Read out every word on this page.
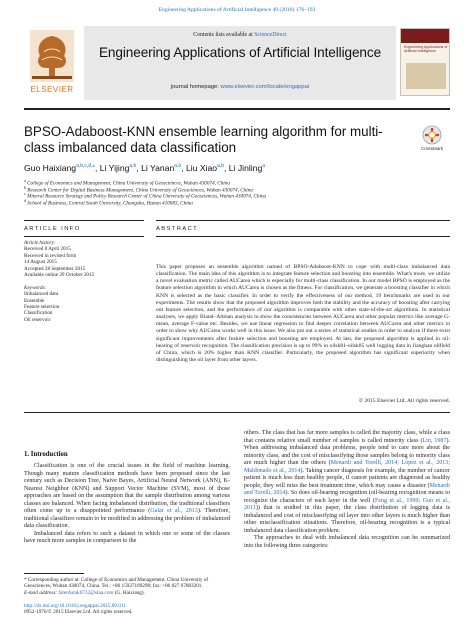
Engineering Applications of Artificial Intelligence 49 (2016) 176–193
ELSEVIER
Contents lists available at ScienceDirect
Engineering Applications of Artificial Intelligence
journal homepage: www.elsevier.com/locate/engappai
Engineering Applications of Artificial Intelligence
BPSO-Adaboost-KNN ensemble learning algorithm for multi-class imbalanced data classification	CrossMark
Guo Haixiang$^{a,b,c,d,⁎}$, Li Yijing$^{a,b}$, Li Yanan$^{a,b}$, Liu Xiao$^{a,b}$, Li Jinling$^a$
$^a$ College of Economics and Management, China University of Geosciences, Wuhan 430074, China
$^b$ Research Center for Digital Business Management, China University of Geosciences, Wuhan 430074, China
$^c$ Mineral Resource Strategy and Policy Research Center of China University of Geosciences, Wuhan 430074, China
$^d$ School of Business, Central South University, Changsha, Hunan 410083, China
ARTICLE INFO	ABSTRACT
Article history:
Received 8 April 2015
Received in revised form
14 August 2015
Accepted 28 September 2015
Available online 29 October 2015
Keywords:
Imbalanced data
Ensemble
Feature selection
Classification
Oil reservoir
This paper proposes an ensemble algorithm named of BPSO-Adaboost-KNN to cope with multi-class imbalanced data classification. The main idea of this algorithm is to integrate feature selection and boosting into ensemble. What's more, we utilize a novel evaluation metric called AUCarea which is especially for multi-class classification. In our model BPSO is employed as the feature selection algorithm in which AUCarea is chosen as the fitness. For classification, we generate a boosting classifier in which KNN is selected as the basic classifier. In order to verify the effectiveness of our method, 19 benchmarks are used in our experiments. The results show that the proposed algorithm improves both the stability and the accuracy of boosting after carrying out feature selection, and the performance of our algorithm is comparable with other state-of-the-art algorithms. In statistical analyses, we apply Bland–Altman analysis to show the consistencies between AUCarea and other popular metrics like average G-mean, average F-value etc. Besides, we use linear regression to find deeper correlation between AUCarea and other metrics in order to show why AUCarea works well in this issue. We also put out a series of statistical studies in order to analyze if there exist significant improvements after feature selection and boosting are employed. At last, the proposed algorithm is applied in oil-bearing of reservoir recognition. The classification precision is up to 99% in oilsk81-oilsk85 well logging data in Jianghan oilfield of China, which is 20% higher than KNN classifier. Particularly, the proposed algorithm has significant superiority when distinguishing the oil layer from other layers.
© 2015 Elsevier Ltd. All rights reserved.
1. Introduction

Classification is one of the crucial issues in the field of machine learning. Though many mature classification methods have been proposed since the last century such as Decision Tree, Naive Bayes, Artificial Neural Network (ANN), K-Nearest Neighbor (KNN) and Support Vector Machine (SVM), most of those approaches are based on the assumption that the sample distribution among various classes are balanced. When facing imbalanced distribution, the traditional classifiers often come up to a disappointed performance (Galar et al., 2013). Therefore, traditional classifiers remain to be modified in addressing the problem of imbalanced data classification.

Imbalanced data refers to such a dataset in which one or some of the classes have much more samples in comparison to the

others. The class that has far more samples is called the majority class, while a class that contains relative small number of samples is called minority class (Lin, 1987). When addressing imbalanced data problems, people tend to care more about the minority class, and the cost of misclassifying those samples belong to minority class are much higher than the others (Menardi and Torelli, 2014; López et al., 2013; Maldonado et al., 2014). Taking cancer diagnosis for example, the number of cancer patient is much less than healthy people, if cancer patients are diagnosed as healthy people, they will miss the best treatment time, which may cause a disaster (Menardi and Torelli, 2014). So does oil-bearing recognition (oil-bearing recognition means to recognize the characters of each layer in the well (Feng et al., 1999; Guo et al., 2011)) that is studied in this paper, the class distribution of logging data is imbalanced and cost of misclassifying oil layer into other layers is much higher than other misclassification situations. Therefore, oil-bearing recognition is a typical imbalanced data classification problem.

The approaches to deal with imbalanced data recognition can be summarized into the following three categories:

* Corresponding author at: College of Economics and Management, China University of Geosciences, Wuhan 430074, China. Tel.: +86 15927189298; fax: +86 027 67883201.
E-mail address: faterdumk0732@sina.com (G. Haixiang).
http://dx.doi.org/10.1016/j.engappai.2015.09.011
0952-1976/© 2015 Elsevier Ltd. All rights reserved.
